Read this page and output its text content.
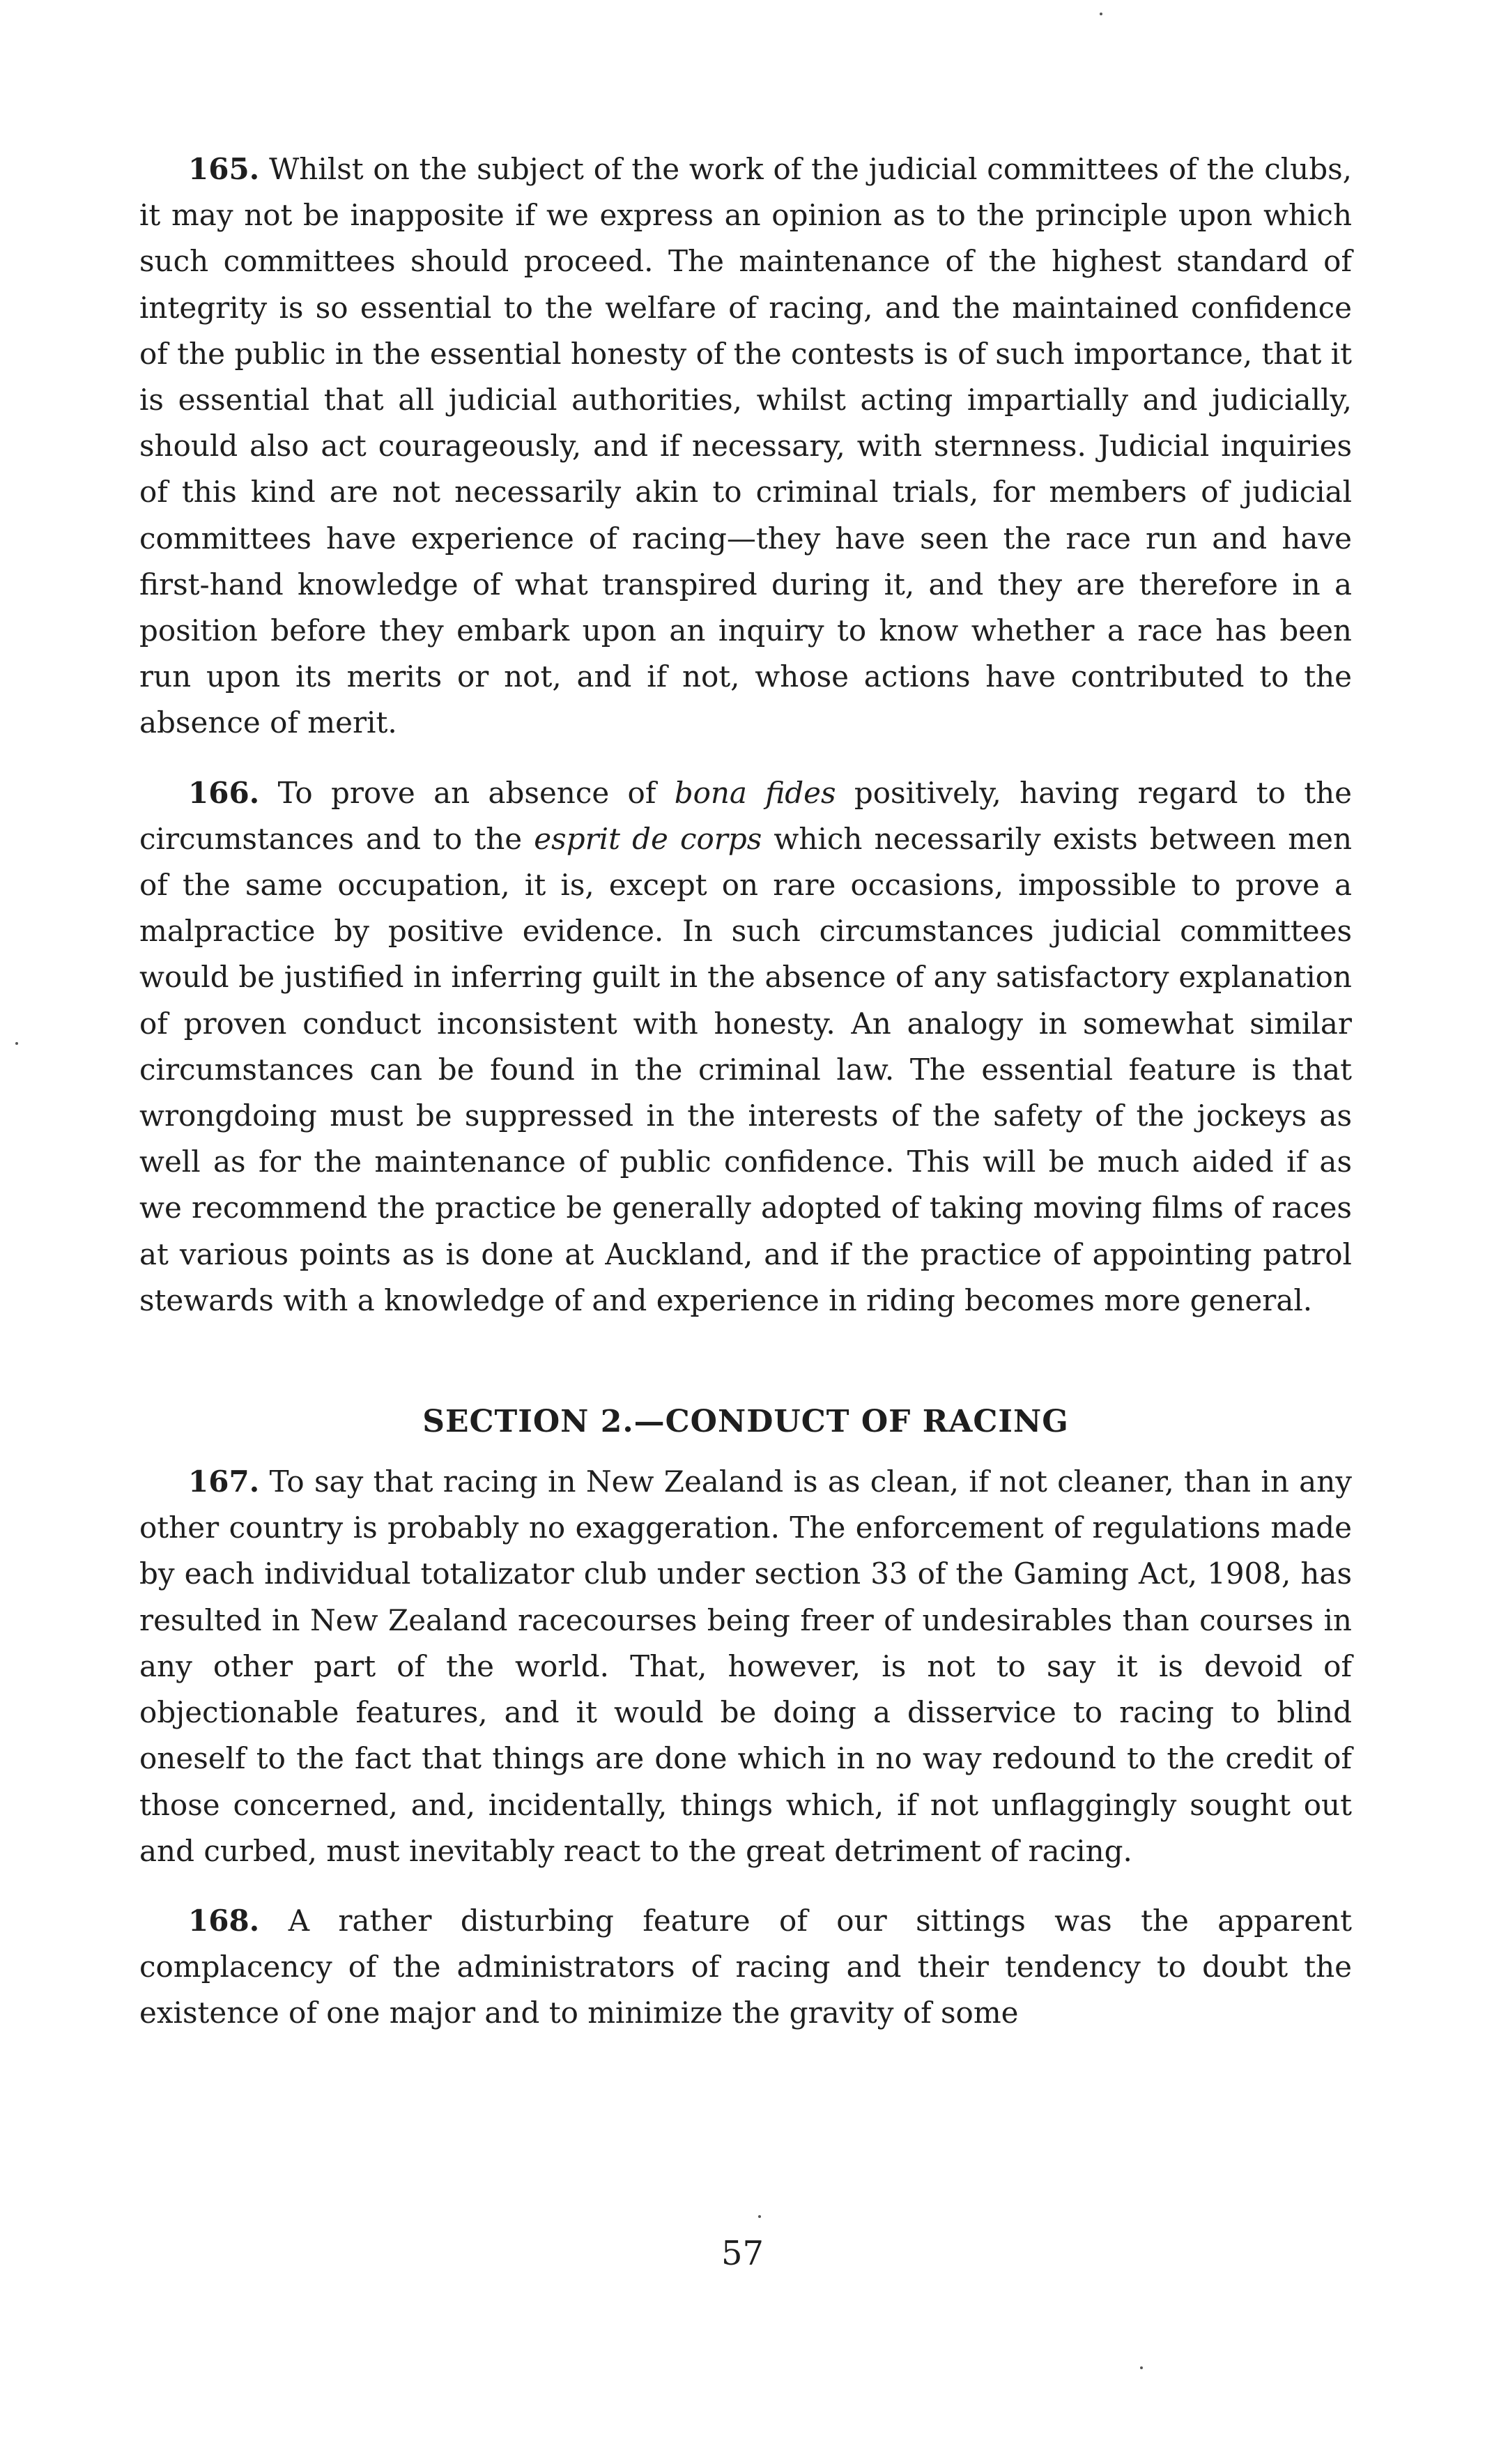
165. Whilst on the subject of the work of the judicial committees of the clubs, it may not be inapposite if we express an opinion as to the principle upon which such committees should proceed. The maintenance of the highest standard of integrity is so essential to the welfare of racing, and the maintained confidence of the public in the essential honesty of the contests is of such importance, that it is essential that all judicial authorities, whilst acting impartially and judicially, should also act courageously, and if necessary, with sternness. Judicial inquiries of this kind are not necessarily akin to criminal trials, for members of judicial committees have experience of racing—they have seen the race run and have first-hand knowledge of what transpired during it, and they are therefore in a position before they embark upon an inquiry to know whether a race has been run upon its merits or not, and if not, whose actions have contributed to the absence of merit.

166. To prove an absence of bona fides positively, having regard to the circumstances and to the esprit de corps which necessarily exists between men of the same occupation, it is, except on rare occasions, impossible to prove a malpractice by positive evidence. In such circumstances judicial committees would be justified in inferring guilt in the absence of any satisfactory explanation of proven conduct inconsistent with honesty. An analogy in somewhat similar circumstances can be found in the criminal law. The essential feature is that wrongdoing must be suppressed in the interests of the safety of the jockeys as well as for the maintenance of public confidence. This will be much aided if as we recommend the practice be generally adopted of taking moving films of races at various points as is done at Auckland, and if the practice of appointing patrol stewards with a knowledge of and experience in riding becomes more general.

SECTION 2.—CONDUCT OF RACING

167. To say that racing in New Zealand is as clean, if not cleaner, than in any other country is probably no exaggeration. The enforcement of regulations made by each individual totalizator club under section 33 of the Gaming Act, 1908, has resulted in New Zealand racecourses being freer of undesirables than courses in any other part of the world. That, however, is not to say it is devoid of objectionable features, and it would be doing a disservice to racing to blind oneself to the fact that things are done which in no way redound to the credit of those concerned, and, incidentally, things which, if not unflaggingly sought out and curbed, must inevitably react to the great detriment of racing.

168. A rather disturbing feature of our sittings was the apparent complacency of the administrators of racing and their tendency to doubt the existence of one major and to minimize the gravity of some

57
